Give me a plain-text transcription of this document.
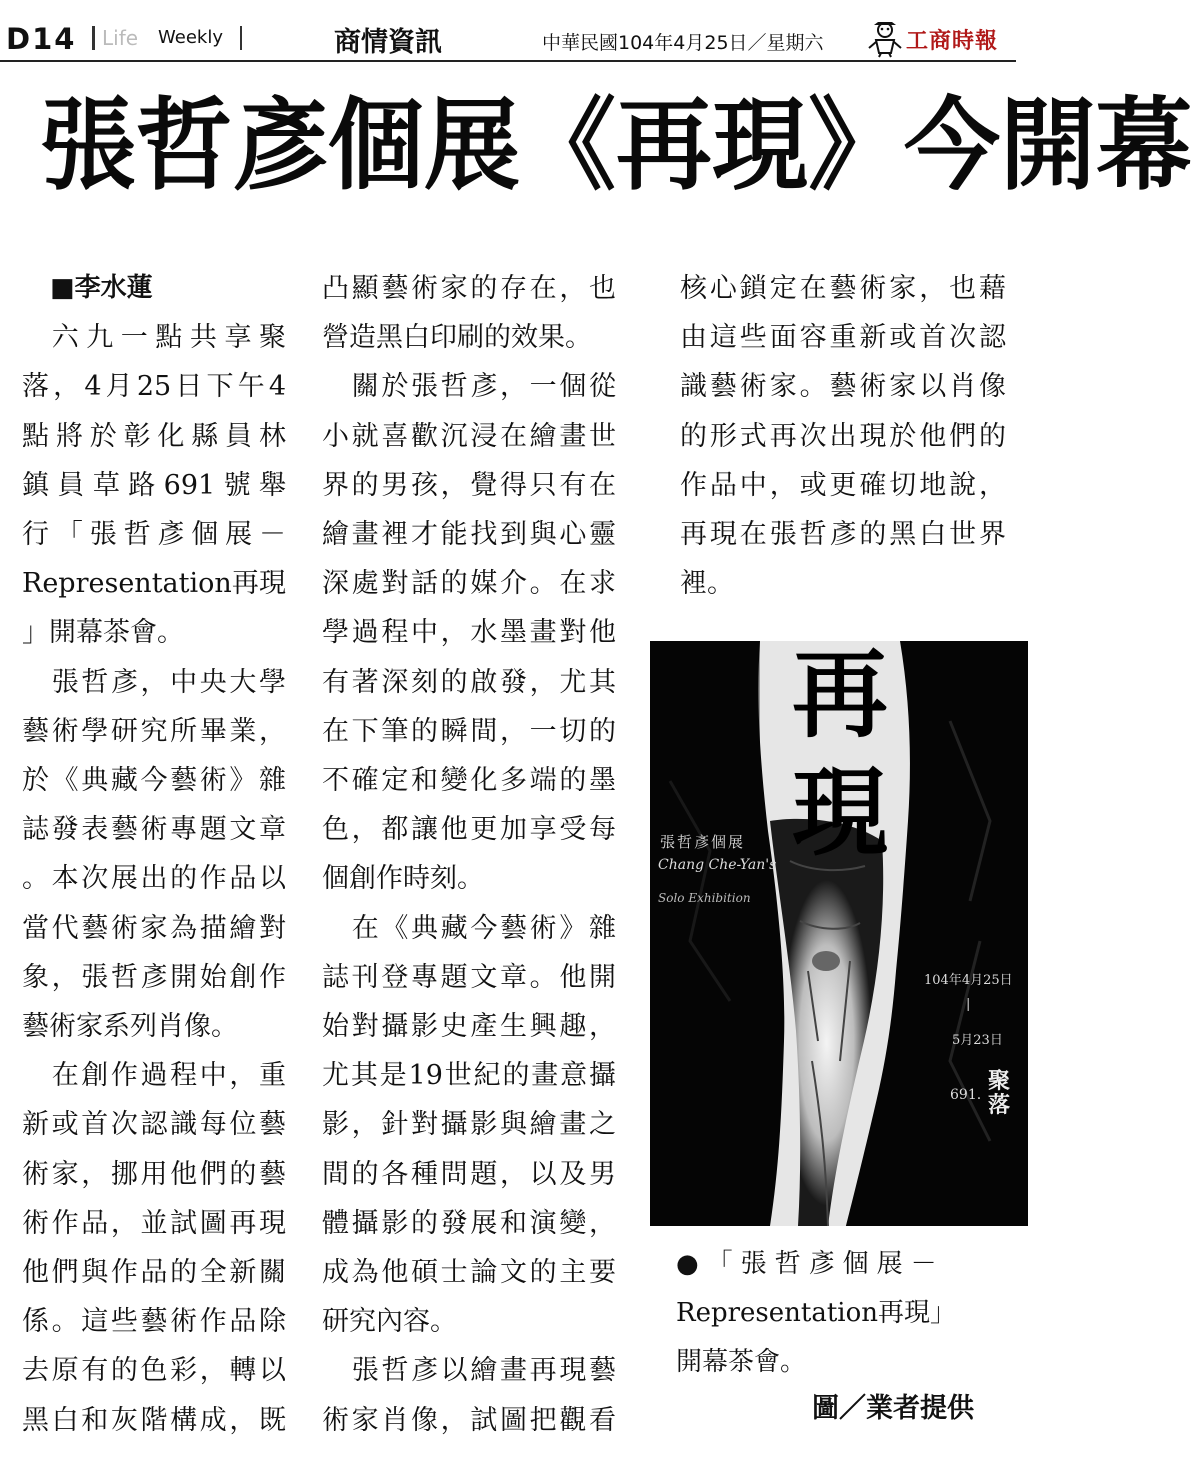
D14 Life Weekly	商情資訊	中華民國104年4月25日／星期六	工商時報
張哲彥個展《再現》今開幕
■李水蓮

六九一點共享聚

落，4月25日下午4

點將於彰化縣員林

鎮員草路691號舉

行「張哲彥個展－

Representation再現

」開幕茶會。

張哲彥，中央大學

藝術學研究所畢業，

於《典藏今藝術》雜

誌發表藝術專題文章

。本次展出的作品以

當代藝術家為描繪對

象，張哲彥開始創作

藝術家系列肖像。

在創作過程中，重

新或首次認識每位藝

術家，挪用他們的藝

術作品，並試圖再現

他們與作品的全新關

係。這些藝術作品除

去原有的色彩，轉以

黑白和灰階構成，既

凸顯藝術家的存在，也

營造黑白印刷的效果。

關於張哲彥，一個從

小就喜歡沉浸在繪畫世

界的男孩，覺得只有在

繪畫裡才能找到與心靈

深處對話的媒介。在求

學過程中，水墨畫對他

有著深刻的啟發，尤其

在下筆的瞬間，一切的

不確定和變化多端的墨

色，都讓他更加享受每

個創作時刻。

在《典藏今藝術》雜

誌刊登專題文章。他開

始對攝影史產生興趣，

尤其是19世紀的畫意攝

影，針對攝影與繪畫之

間的各種問題，以及男

體攝影的發展和演變，

成為他碩士論文的主要

研究內容。

張哲彥以繪畫再現藝

術家肖像，試圖把觀看

核心鎖定在藝術家，也藉

由這些面容重新或首次認

識藝術家。藝術家以肖像

的形式再次出現於他們的

作品中，或更確切地說，

再現在張哲彥的黑白世界

裡。

再
現
張哲彥個展
Chang Che-Yan's
Solo Exhibition
104年4月25日
|
5月23日
691.
聚落
●「張哲彥個展－
Representation再現」
開幕茶會。
圖／業者提供
